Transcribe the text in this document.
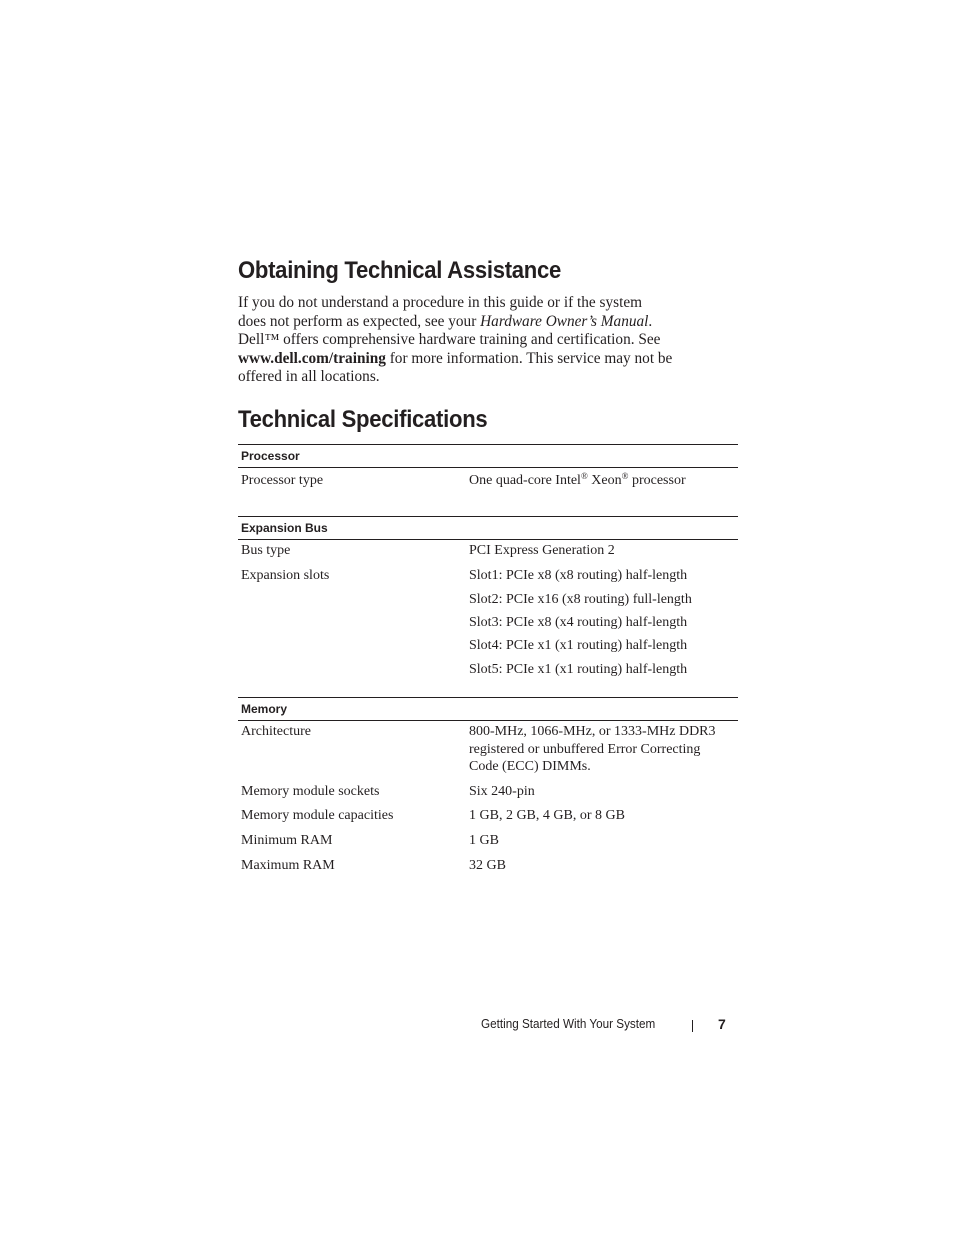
Obtaining Technical Assistance
If you do not understand a procedure in this guide or if the system
does not perform as expected, see your Hardware Owner’s Manual.
Dell™ offers comprehensive hardware training and certification. See
www.dell.com/training for more information. This service may not be
offered in all locations.
Technical Specifications
Processor
Processor type	One quad-core Intel® Xeon® processor
Expansion Bus
Bus type	PCI Express Generation 2
Expansion slots	Slot1: PCIe x8 (x8 routing) half-length
Slot2: PCIe x16 (x8 routing) full-length
Slot3: PCIe x8 (x4 routing) half-length
Slot4: PCIe x1 (x1 routing) half-length
Slot5: PCIe x1 (x1 routing) half-length
Memory
Architecture	800-MHz, 1066-MHz, or 1333-MHz DDR3
registered or unbuffered Error Correcting
Code (ECC) DIMMs.
Memory module sockets	Six 240-pin
Memory module capacities	1 GB, 2 GB, 4 GB, or 8 GB
Minimum RAM	1 GB
Maximum RAM	32 GB
Getting Started With Your System	7
